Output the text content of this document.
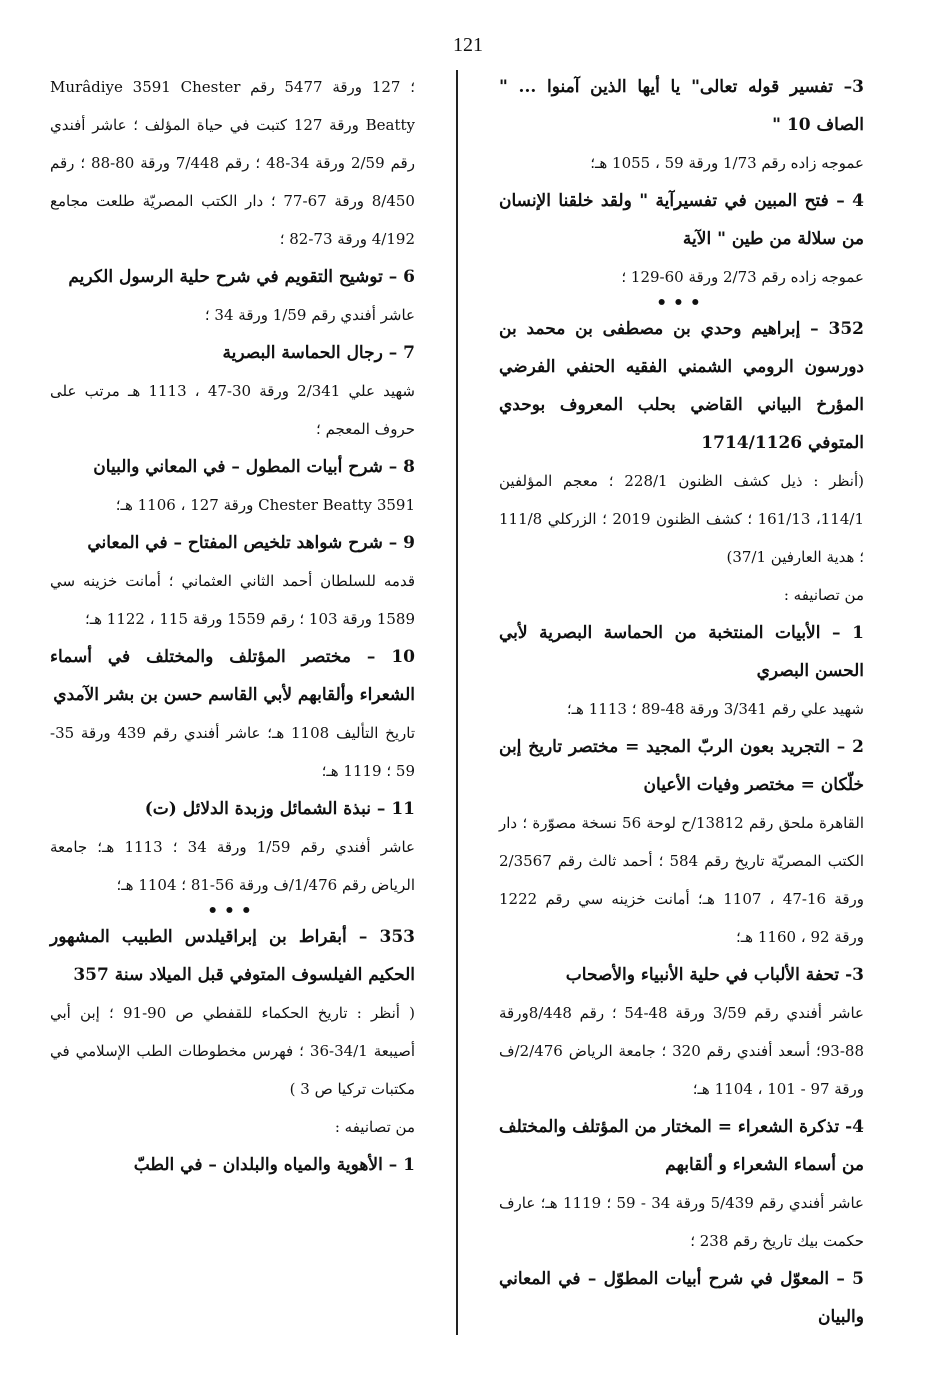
121

3– تفسير قوله تعالى" يا أيها الذين آمنوا ... " الصاف 10 "

عموجه زاده رقم 1/73 ورقة 59 ، 1055 هـ؛

4 – فتح المبين في تفسيرآية " ولقد خلقنا الإنسان من سلالة من طين " الآية

عموجه زاده رقم 2/73 ورقة 60-129 ؛

•••

352 – إبراهيم وحدي بن مصطفى بن محمد بن دورسون الرومي الشمني الفقيه الحنفي الفرضي المؤرخ البياني القاضي بحلب المعروف بوحدي المتوفي 1714/1126

(أنظر : ذيل كشف الظنون 228/1 ؛ معجم المؤلفين 114/1، 161/13 ؛ كشف الظنون 2019 ؛ الزركلي 111/8 ؛ هدية العارفين 37/1)

من تصانيفه :

1 – الأبيات المنتخبة من الحماسة البصرية لأبي الحسن البصري

شهيد علي رقم 3/341 ورقة 48-89 ؛ 1113 هـ؛

2 – التجريد بعون الربّ المجيد = مختصر تاريخ إبن خلّكان = مختصر وفيات الأعيان

القاهرة ملحق رقم 13812/ح لوحة 56 نسخة مصوّرة ؛ دار الكتب المصريّة تاريخ رقم 584 ؛ أحمد ثالث رقم 2/3567 ورقة 16-47 ، 1107 هـ؛ أمانت خزينه سي رقم 1222 ورقة 92 ، 1160 هـ؛

3- تحفة الألباب في حلية الأنبياء والأصحاب

عاشر أفندي رقم 3/59 ورقة 48-54 ؛ رقم 8/448ورقة 88-93؛ أسعد أفندي رقم 320 ؛ جامعة الرياض 2/476/ف ورقة 97 - 101 ، 1104 هـ؛

4- تذكرة الشعراء = المختار من المؤتلف والمختلف من أسماء الشعراء و ألقابهم

عاشر أفندي رقم 5/439 ورقة 34 - 59 ؛ 1119 هـ؛ عارف حكمت بيك تاريخ رقم 238 ؛

5 – المعوّل في شرح أبيات المطوّل – في المعاني والبيان

؛ 127 ورقة 5477 رقم Murâdiye 3591 Chester Beatty ورقة 127 كتبت في حياة المؤلف ؛ عاشر أفندي رقم 2/59 ورقة 34-48 ؛ رقم 7/448 ورقة 80-88 ؛ رقم 8/450 ورقة 67-77 ؛ دار الكتب المصريّة طلعت مجامع 4/192 ورقة 73-82 ؛

6 – توشيح التقويم في شرح حلية الرسول الكريم

عاشر أفندي رقم 1/59 ورقة 34 ؛

7 – رجال الحماسة البصرية

شهيد علي 2/341 ورقة 30-47 ، 1113 هـ مرتب على حروف المعجم ؛

8 – شرح أبيات المطول – في المعاني والبيان

3591 Chester Beatty ورقة 127 ، 1106 هـ؛

9 – شرح شواهد تلخيص المفتاح – في المعاني

قدمه للسلطان أحمد الثاني العثماني ؛ أمانت خزينه سي 1589 ورقة 103 ؛ رقم 1559 ورقة 115 ، 1122 هـ؛

10 – مختصر المؤتلف والمختلف في أسماء الشعراء وألقابهم لأبي القاسم حسن بن بشر الآمدي

تاريخ التأليف 1108 هـ؛ عاشر أفندي رقم 439 ورقة 35-59 ؛ 1119 هـ؛

11 – نبذة الشمائل وزبدة الدلائل (ت)

عاشر أفندي رقم 1/59 ورقة 34 ؛ 1113 هـ؛ جامعة الرياض رقم 1/476/ف ورقة 56-81 ؛ 1104 هـ؛

•••

353 – أبقراط بن إبراقيلدس الطبيب المشهور الحكيم الفيلسوف المتوفي قبل الميلاد سنة 357

( أنظر : تاريخ الحكماء للقفطي ص 90-91 ؛ إبن أبي أصيبعة 34/1-36 ؛ فهرس مخطوطات الطب الإسلامي في مكتبات تركيا ص 3 )

من تصانيفه :

1 – الأهوية والمياه والبلدان – في الطبّ
